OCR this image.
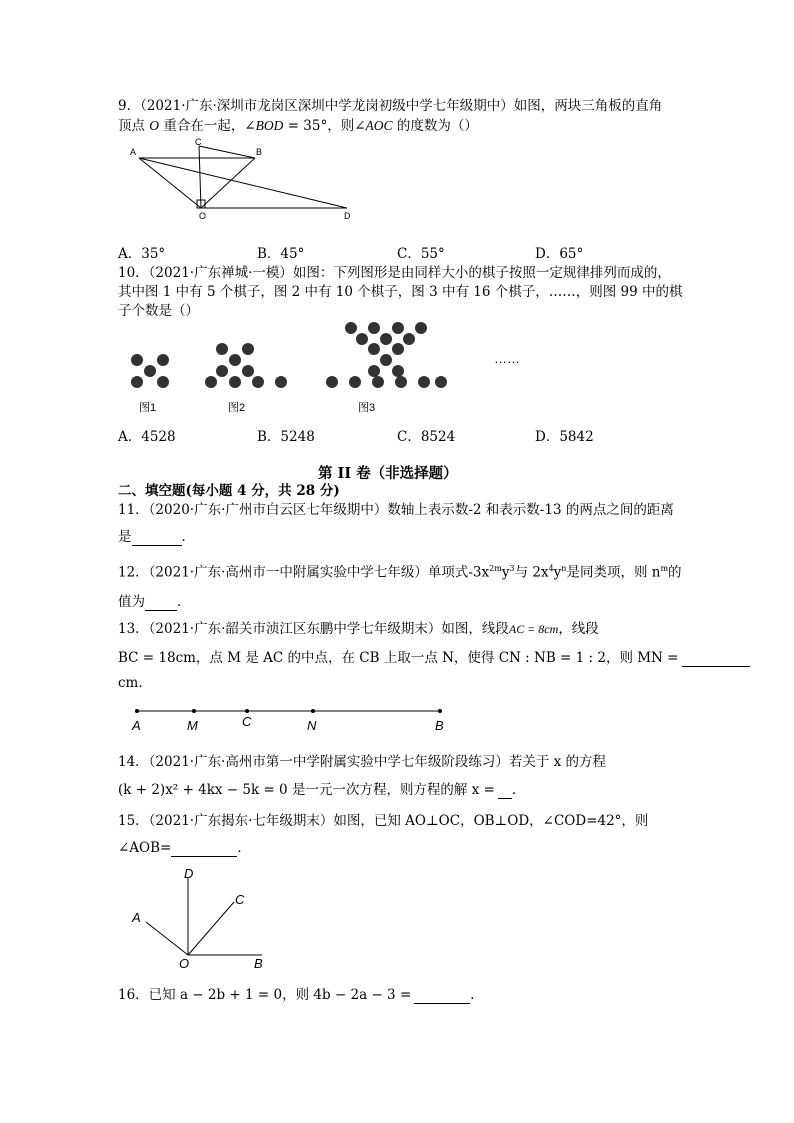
9．（2021·广东·深圳市龙岗区深圳中学龙岗初级中学七年级期中）如图，两块三角板的直角
顶点 O 重合在一起，∠BOD = 35°，则∠AOC 的度数为（）
A
C
B
O	D
A．35°	B．45°	C．55°	D．65°
10．（2021·广东禅城·一模）如图：下列图形是由同样大小的棋子按照一定规律排列而成的，
其中图 1 中有 5 个棋子，图 2 中有 10 个棋子，图 3 中有 16 个棋子，……，则图 99 中的棋
子个数是（）
……
图1	图2	图3
A．4528	B．5248	C．8524	D．5842
第 II 卷（非选择题）
二、填空题(每小题 4 分，共 28 分)
11．（2020·广东·广州市白云区七年级期中）数轴上表示数-2 和表示数-13 的两点之间的距离
是	．
12．（2021·广东·高州市一中附属实验中学七年级）单项式$-3x^{2m}y^3$与 $2x^4y^n$是同类项，则 $n^m$的
值为 ．
13．（2021·广东·韶关市浈江区东鹏中学七年级期末）如图，线段AC = 8cm，线段
BC = 18cm，点 M 是 AC 的中点，在 CB 上取一点 N，使得 CN : NB = 1 : 2，则 MN =
cm．
A	M	C	N	B
14．（2021·广东·高州市第一中学附属实验中学七年级阶段练习）若关于 x 的方程
(k + 2)x² + 4kx − 5k = 0 是一元一次方程，则方程的解 x = ．
15．（2021·广东揭东·七年级期末）如图，已知 AO⊥OC，OB⊥OD，∠COD=42°，则
∠AOB=	．
D
C
A
O	B
16．已知 a − 2b + 1 = 0，则 4b − 2a − 3 =	．
